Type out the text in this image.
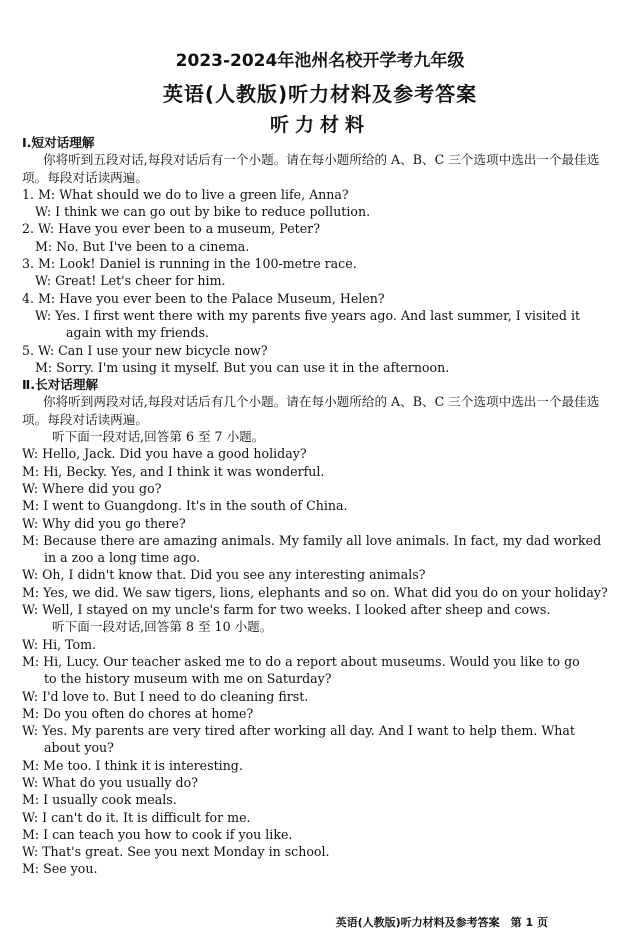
2023-2024年池州名校开学考九年级
英语(人教版)听力材料及参考答案
听力材料
Ⅰ.短对话理解
你将听到五段对话,每段对话后有一个小题。请在每小题所给的 A、B、C 三个选项中选出一个最佳选项。每段对话读两遍。
1. M: What should we do to live a green life, Anna?
W: I think we can go out by bike to reduce pollution.
2. W: Have you ever been to a museum, Peter?
M: No. But I've been to a cinema.
3. M: Look! Daniel is running in the 100-metre race.
W: Great! Let's cheer for him.
4. M: Have you ever been to the Palace Museum, Helen?
W: Yes. I first went there with my parents five years ago. And last summer, I visited it
again with my friends.
5. W: Can I use your new bicycle now?
M: Sorry. I'm using it myself. But you can use it in the afternoon.
Ⅱ.长对话理解
你将听到两段对话,每段对话后有几个小题。请在每小题所给的 A、B、C 三个选项中选出一个最佳选项。每段对话读两遍。
听下面一段对话,回答第 6 至 7 小题。
W: Hello, Jack. Did you have a good holiday?
M: Hi, Becky. Yes, and I think it was wonderful.
W: Where did you go?
M: I went to Guangdong. It's in the south of China.
W: Why did you go there?
M: Because there are amazing animals. My family all love animals. In fact, my dad worked
in a zoo a long time ago.
W: Oh, I didn't know that. Did you see any interesting animals?
M: Yes, we did. We saw tigers, lions, elephants and so on. What did you do on your holiday?
W: Well, I stayed on my uncle's farm for two weeks. I looked after sheep and cows.
听下面一段对话,回答第 8 至 10 小题。
W: Hi, Tom.
M: Hi, Lucy. Our teacher asked me to do a report about museums. Would you like to go
to the history museum with me on Saturday?
W: I'd love to. But I need to do cleaning first.
M: Do you often do chores at home?
W: Yes. My parents are very tired after working all day. And I want to help them. What
about you?
M: Me too. I think it is interesting.
W: What do you usually do?
M: I usually cook meals.
W: I can't do it. It is difficult for me.
M: I can teach you how to cook if you like.
W: That's great. See you next Monday in school.
M: See you.
英语(人教版)听力材料及参考答案　第 1 页
